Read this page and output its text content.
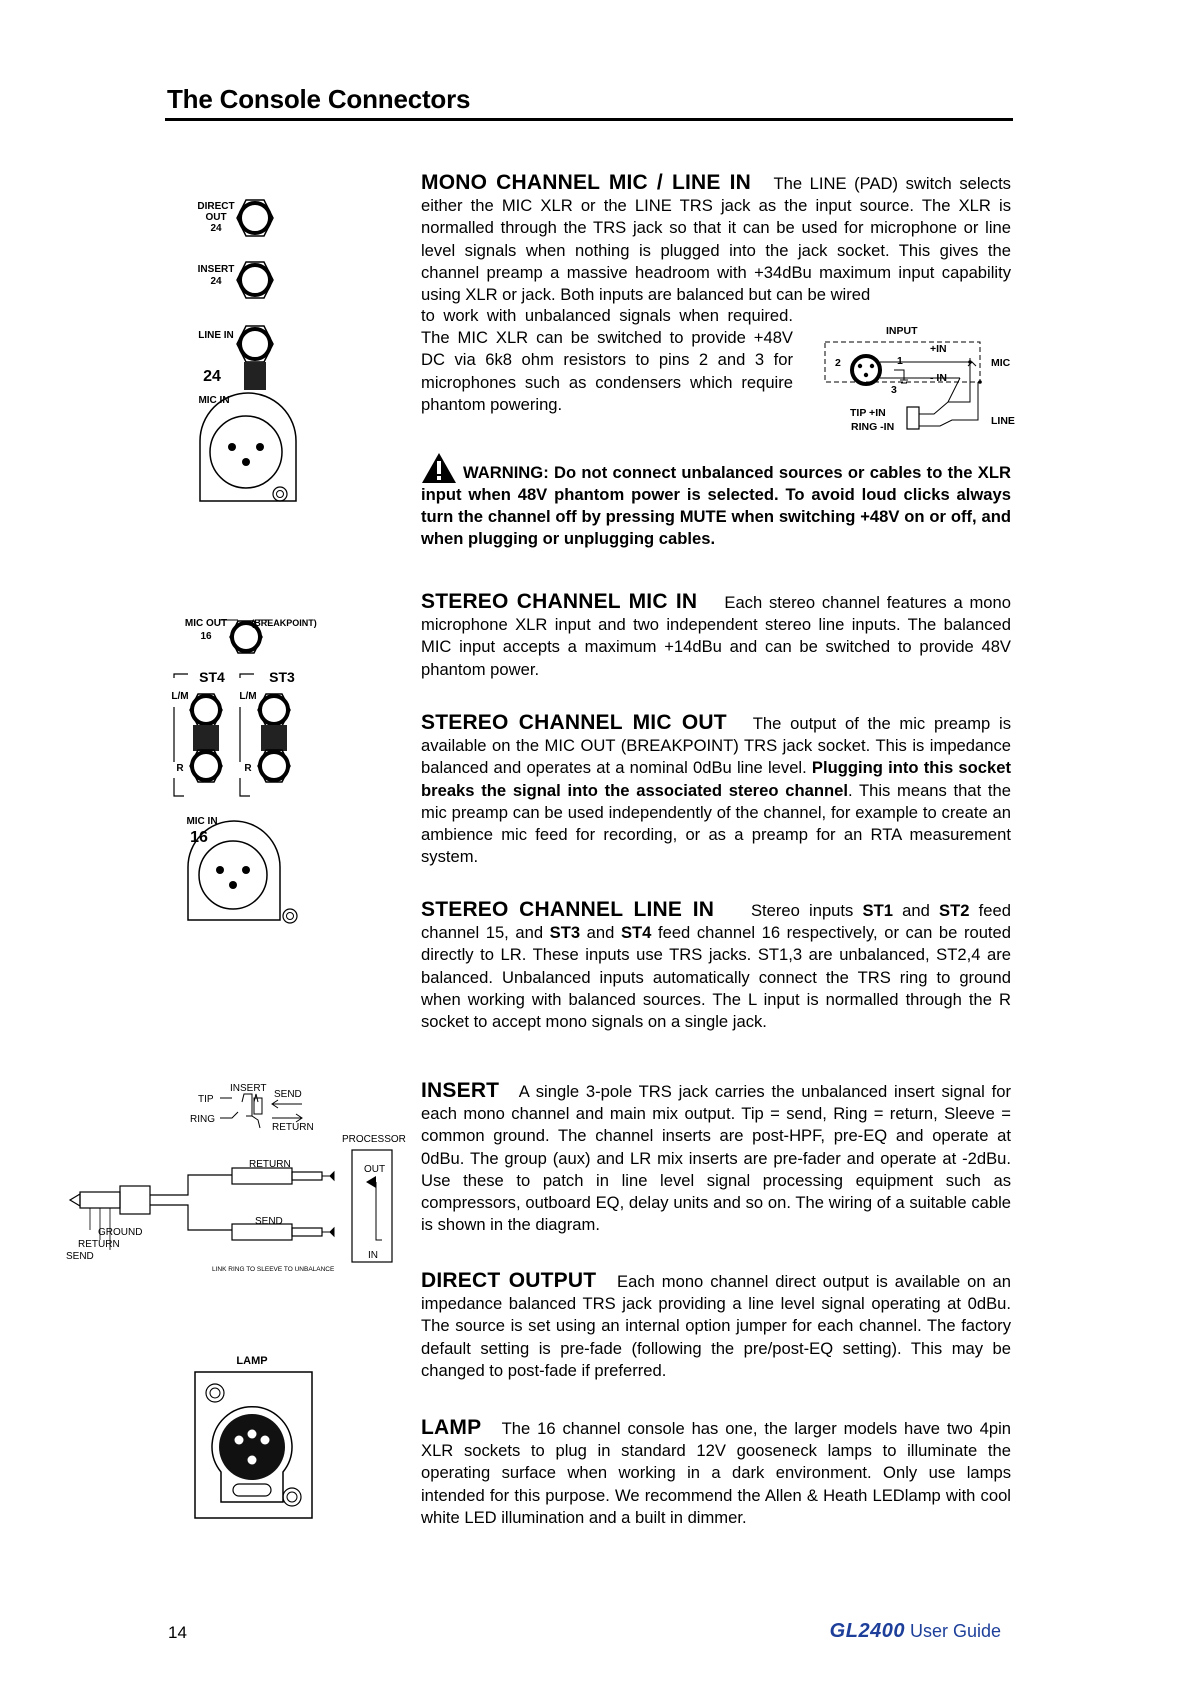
The Console Connectors
DIRECT
OUT
24
INSERT
24
LINE IN
24
MIC IN
MONO CHANNEL MIC / LINE IN The LINE (PAD) switch selects either the MIC XLR or the LINE TRS jack as the input source. The XLR is normalled through the TRS jack so that it can be used for microphone or line level signals when nothing is plugged into the jack socket. This gives the channel preamp a massive headroom with +34dBu maximum input capability using XLR or jack. Both inputs are balanced but can be wired
to work with unbalanced signals when required. The MIC XLR can be switched to provide +48V DC via 6k8 ohm resistors to pins 2 and 3 for microphones such as condensers which require phantom powering.
INPUT
2	1
3
+IN
- IN
MIC
TIP +IN
RING -IN	LINE
WARNING: Do not connect unbalanced sources or cables to the XLR input when 48V phantom power is selected. To avoid loud clicks always turn the channel off by pressing MUTE when switching +48V on or off, and when plugging or unplugging cables.
MIC OUT
16
(BREAKPOINT)
ST4	ST3
L/M	L/M
R	R
MIC IN
16
STEREO CHANNEL MIC IN Each stereo channel features a mono microphone XLR input and two independent stereo line inputs. The balanced MIC input accepts a maximum +14dBu and can be switched to provide 48V phantom power.
STEREO CHANNEL MIC OUT The output of the mic preamp is available on the MIC OUT (BREAKPOINT) TRS jack socket. This is impedance balanced and operates at a nominal 0dBu line level. Plugging into this socket breaks the signal into the associated stereo channel. This means that the mic preamp can be used independently of the channel, for example to create an ambience mic feed for recording, or as a preamp for an RTA measurement system.
STEREO CHANNEL LINE IN Stereo inputs ST1 and ST2 feed channel 15, and ST3 and ST4 feed channel 16 respectively, or can be routed directly to LR. These inputs use TRS jacks. ST1,3 are unbalanced, ST2,4 are balanced. Unbalanced inputs automatically connect the TRS ring to ground when working with balanced sources. The L input is normalled through the R socket to accept mono signals on a single jack.
INSERT
TIP
RING
SEND
RETURN
PROCESSOR
OUT
IN
RETURN
SEND
GROUND
RETURN
SEND
LINK RING TO SLEEVE TO UNBALANCE
INSERT A single 3-pole TRS jack carries the unbalanced insert signal for each mono channel and main mix output. Tip = send, Ring = return, Sleeve = common ground. The channel inserts are post-HPF, pre-EQ and operate at 0dBu. The group (aux) and LR mix inserts are pre-fader and operate at -2dBu. Use these to patch in line level signal processing equipment such as compressors, outboard EQ, delay units and so on. The wiring of a suitable cable is shown in the diagram.
DIRECT OUTPUT Each mono channel direct output is available on an impedance balanced TRS jack providing a line level signal operating at 0dBu. The source is set using an internal option jumper for each channel. The factory default setting is pre-fade (following the pre/post-EQ setting). This may be changed to post-fade if preferred.
LAMP
LAMP The 16 channel console has one, the larger models have two 4pin XLR sockets to plug in standard 12V gooseneck lamps to illuminate the operating surface when working in a dark environment. Only use lamps intended for this purpose. We recommend the Allen & Heath LEDlamp with cool white LED illumination and a built in dimmer.
14	GL2400 User Guide
